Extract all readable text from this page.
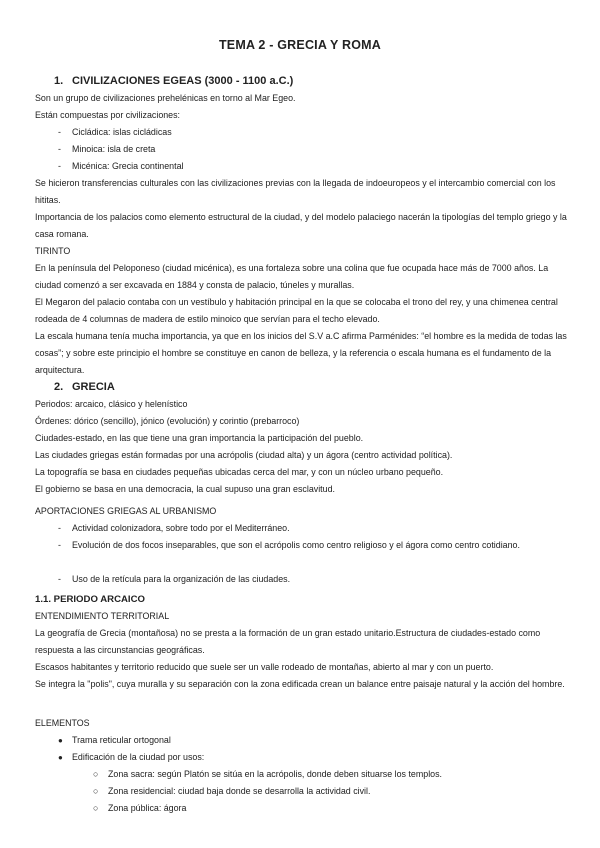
TEMA 2 - GRECIA Y ROMA
1. CIVILIZACIONES EGEAS (3000 - 1100 a.C.)
Son un grupo de civilizaciones prehelénicas en torno al Mar Egeo.
Están compuestas por civilizaciones:
- Cicládica: islas cicládicas
- Minoica: isla de creta
- Micénica: Grecia continental
Se hicieron transferencias culturales con las civilizaciones previas con la llegada de indoeuropeos y el intercambio comercial con los hititas.
Importancia de los palacios como elemento estructural de la ciudad, y del modelo palaciego nacerán la tipologías del templo griego y la casa romana.
TIRINTO
En la península del Peloponeso (ciudad micénica), es una fortaleza sobre una colina que fue ocupada hace más de 7000 años. La ciudad comenzó a ser excavada en 1884 y consta de palacio, túneles y murallas.
El Megaron del palacio contaba con un vestíbulo y habitación principal en la que se colocaba el trono del rey, y una chimenea central rodeada de 4 columnas de madera de estilo minoico que servían para el techo elevado.
La escala humana tenía mucha importancia, ya que en los inicios del S.V a.C afirma Parménides: “el hombre es la medida de todas las cosas”; y sobre este principio el hombre se constituye en canon de belleza, y la referencia o escala humana es el fundamento de la arquitectura.
2. GRECIA
Periodos: arcaico, clásico y helenístico
Órdenes: dórico (sencillo), jónico (evolución) y corintio (prebarroco)
Ciudades-estado, en las que tiene una gran importancia la participación del pueblo.
Las ciudades griegas están formadas por una acrópolis (ciudad alta) y un ágora (centro actividad política).
La topografía se basa en ciudades pequeñas ubicadas cerca del mar, y con un núcleo urbano pequeño.
El gobierno se basa en una democracia, la cual supuso una gran esclavitud.
APORTACIONES GRIEGAS AL URBANISMO
- Actividad colonizadora, sobre todo por el Mediterráneo.
- Evolución de dos focos inseparables, que son el acrópolis como centro religioso y el ágora como centro cotidiano.
- Uso de la retícula para la organización de las ciudades.
1.1. PERIODO ARCAICO
ENTENDIMIENTO TERRITORIAL
La geografía de Grecia (montañosa) no se presta a la formación de un gran estado unitario.Estructura de ciudades-estado como respuesta a las circunstancias geográficas.
Escasos habitantes y territorio reducido que suele ser un valle rodeado de montañas, abierto al mar y con un puerto.
Se integra la "polis", cuya muralla y su separación con la zona edificada crean un balance entre paisaje natural y la acción del hombre.
ELEMENTOS
● Trama reticular ortogonal
● Edificación de la ciudad por usos:
○ Zona sacra: según Platón se sitúa en la acrópolis, donde deben situarse los templos.
○ Zona residencial: ciudad baja donde se desarrolla la actividad civil.
○ Zona pública: ágora
